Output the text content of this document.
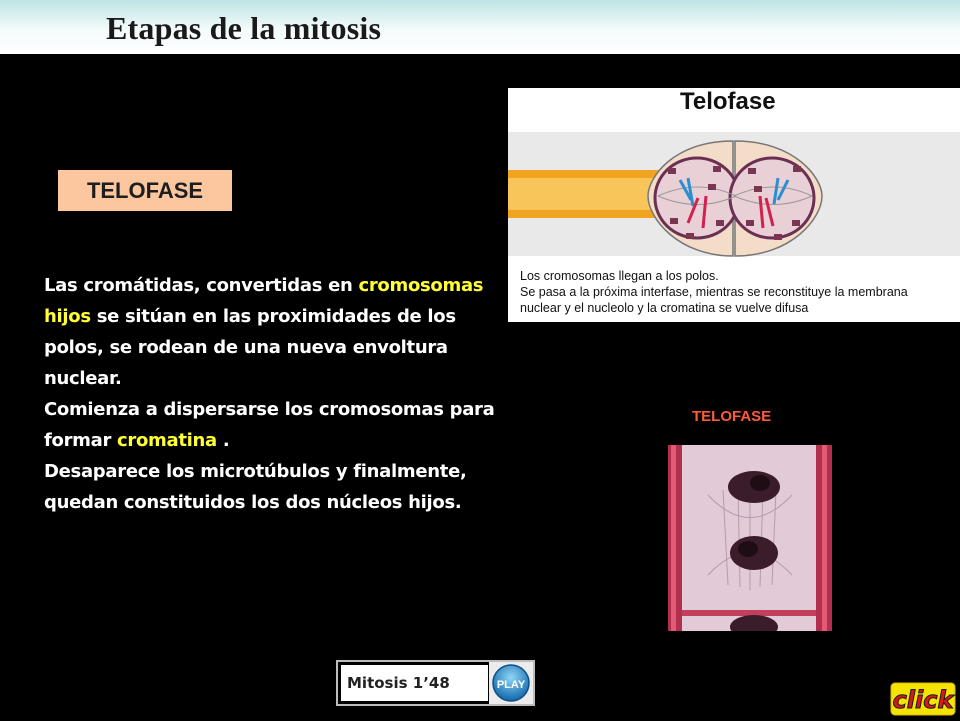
Etapas de la mitosis
TELOFASE
Las cromátidas, convertidas en cromosomas hijos se sitúan en las proximidades de los polos, se rodean de una nueva envoltura nuclear.
Comienza a dispersarse los cromosomas para formar cromatina .
Desaparece los microtúbulos y finalmente, quedan constituidos los dos núcleos hijos.
Telofase
Los cromosomas llegan a los polos.
Se pasa a la próxima interfase, mientras se reconstituye la membrana
nuclear y el nucleolo y la cromatina se vuelve difusa
TELOFASE
Mitosis 1’48	PLAY
click
